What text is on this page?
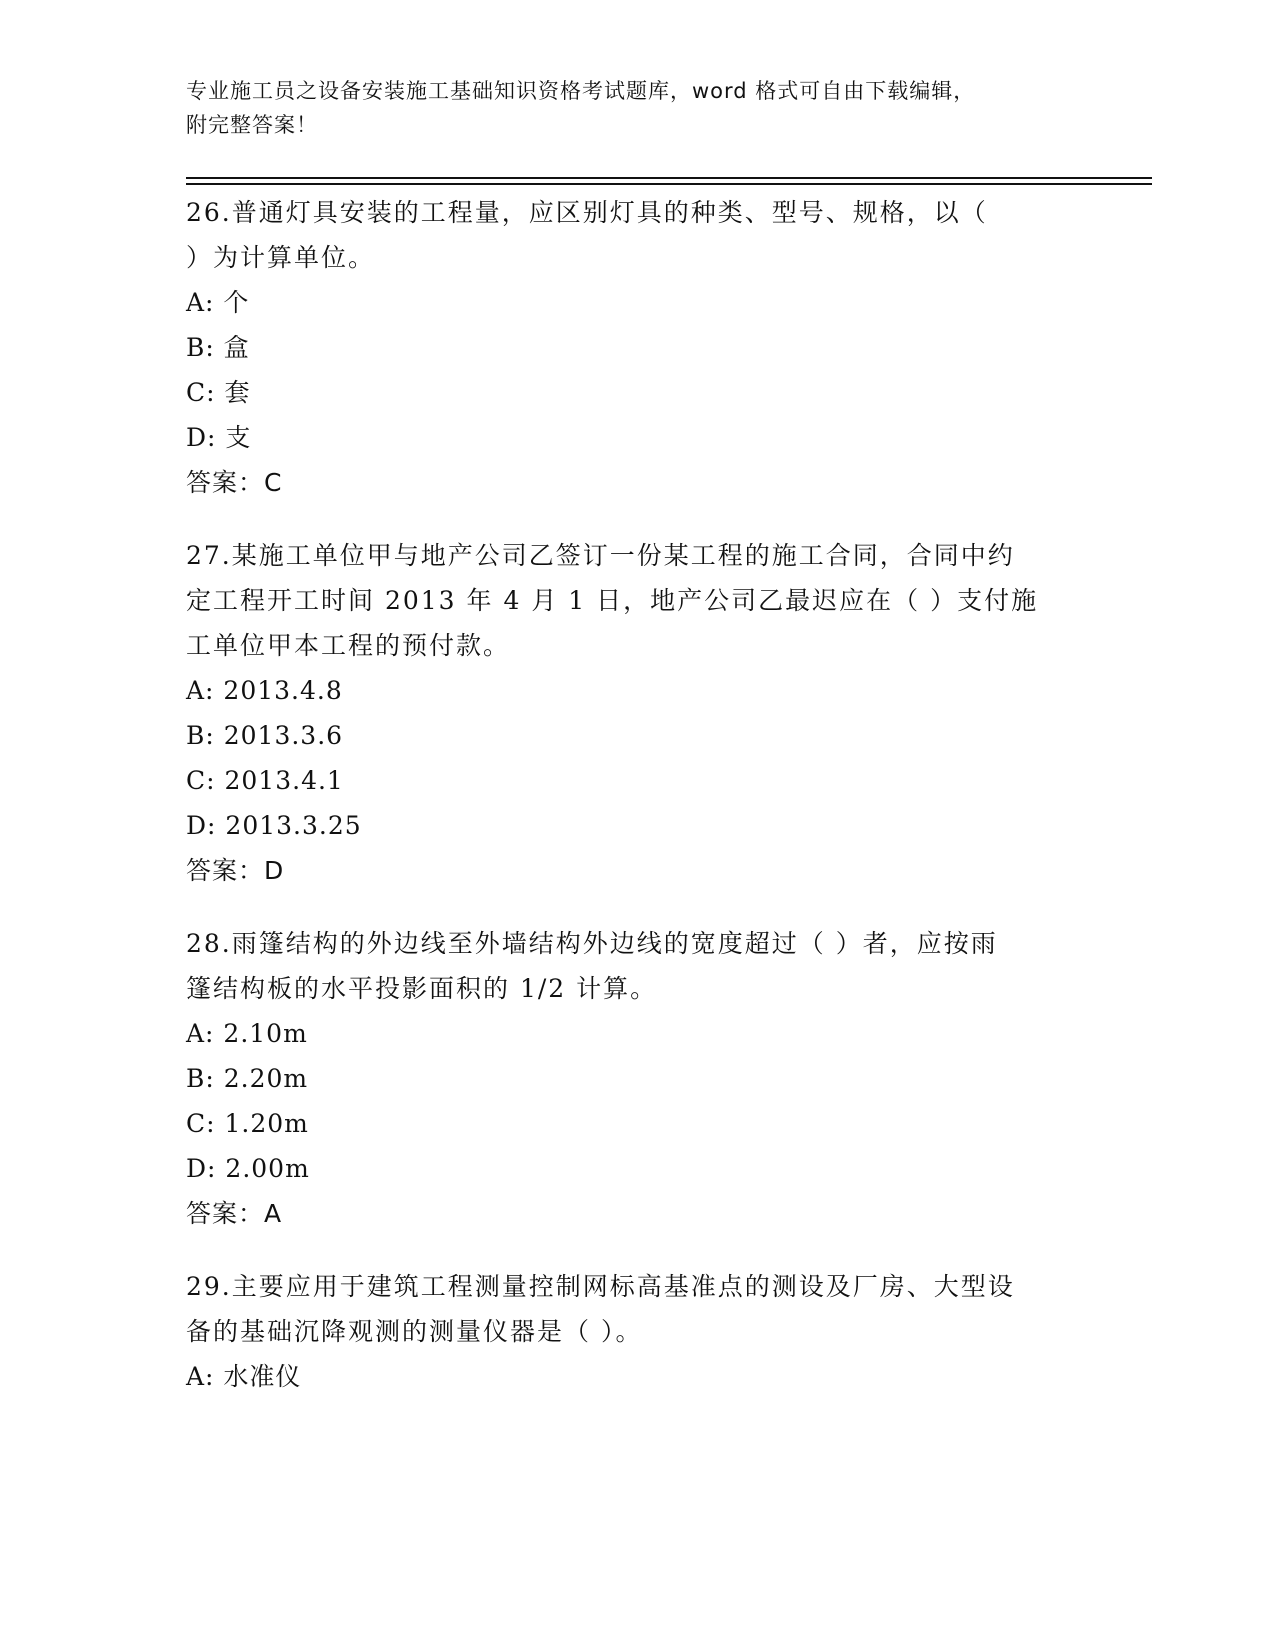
专业施工员之设备安装施工基础知识资格考试题库，word 格式可自由下载编辑，
附完整答案！
26.普通灯具安装的工程量，应区别灯具的种类、型号、规格，以（
）为计算单位。
A: 个
B: 盒
C: 套
D: 支
答案：C
27.某施工单位甲与地产公司乙签订一份某工程的施工合同，合同中约
定工程开工时间 2013 年 4 月 1 日，地产公司乙最迟应在（ ）支付施
工单位甲本工程的预付款。
A: 2013.4.8
B: 2013.3.6
C: 2013.4.1
D: 2013.3.25
答案：D
28.雨篷结构的外边线至外墙结构外边线的宽度超过（ ）者，应按雨
篷结构板的水平投影面积的 1/2 计算。
A: 2.10m
B: 2.20m
C: 1.20m
D: 2.00m
答案：A
29.主要应用于建筑工程测量控制网标高基准点的测设及厂房、大型设
备的基础沉降观测的测量仪器是（ ）。
A: 水准仪
